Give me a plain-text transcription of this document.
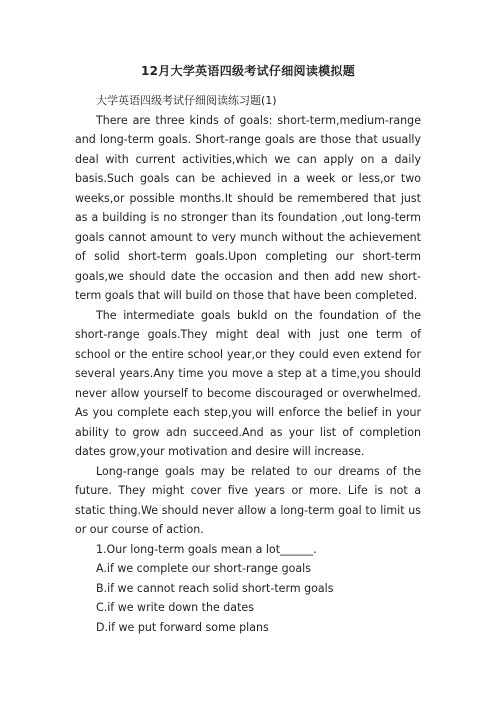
12月大学英语四级考试仔细阅读模拟题
大学英语四级考试仔细阅读练习题(1)

There are three kinds of goals: short-term,medium-range and long-term goals. Short-range goals are those that usually deal with current activities,which we can apply on a daily basis.Such goals can be achieved in a week or less,or two weeks,or possible months.It should be remembered that just as a building is no stronger than its foundation ,out long-term goals cannot amount to very munch without the achievement of solid short-term goals.Upon completing our short-term goals,we should date the occasion and then add new short-term goals that will build on those that have been completed.

The intermediate goals bukld on the foundation of the short-range goals.They might deal with just one term of school or the entire school year,or they could even extend for several years.Any time you move a step at a time,you should never allow yourself to become discouraged or overwhelmed. As you complete each step,you will enforce the belief in your ability to grow adn succeed.And as your list of completion dates grow,your motivation and desire will increase.

Long-range goals may be related to our dreams of the future. They might cover five years or more. Life is not a static thing.We should never allow a long-term goal to limit us or our course of action.

1.Our long-term goals mean a lot______.
A.if we complete our short-range goals
B.if we cannot reach solid short-term goals
C.if we write down the dates
D.if we put forward some plans
